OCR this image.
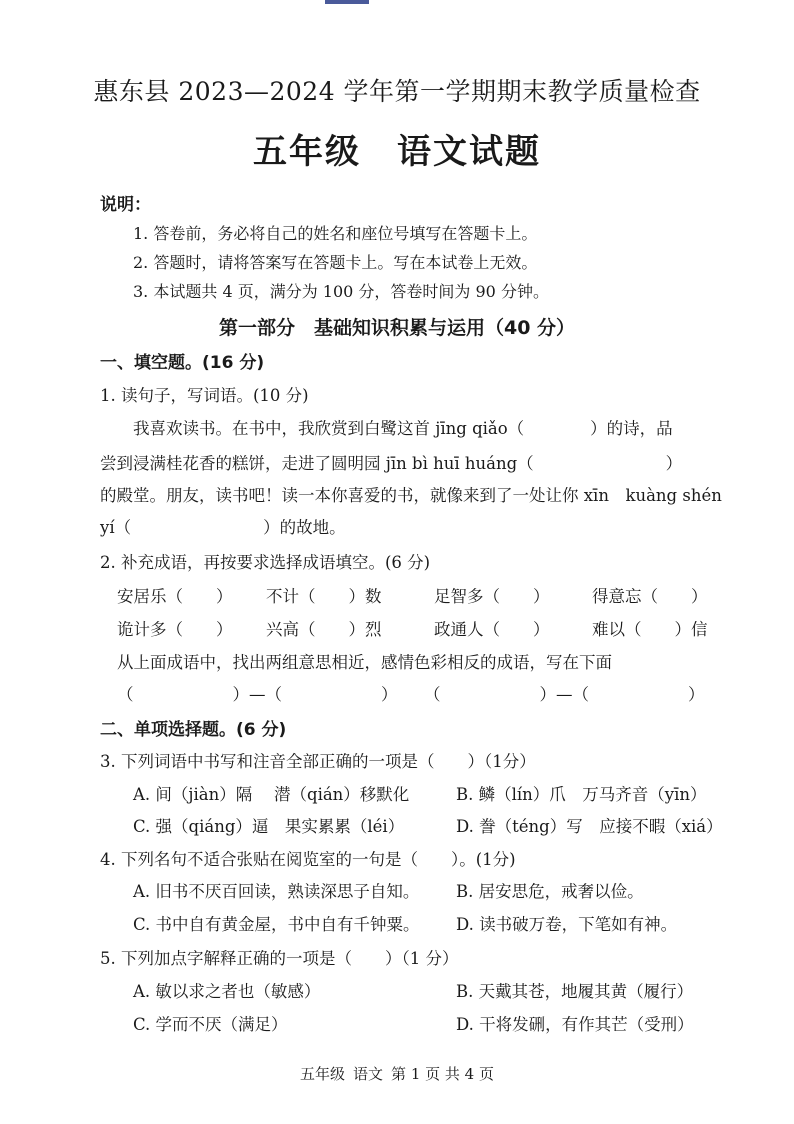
惠东县 2023—2024 学年第一学期期末教学质量检查
五年级 语文试题
说明：
1. 答卷前，务必将自己的姓名和座位号填写在答题卡上。
2. 答题时，请将答案写在答题卡上。写在本试卷上无效。
3. 本试题共 4 页，满分为 100 分，答卷时间为 90 分钟。
第一部分　基础知识积累与运用（40 分）
一、填空题。(16 分)
1. 读句子，写词语。(10 分)
我喜欢读书。在书中，我欣赏到白鹭这首 jīng qiǎo（　　　　）的诗，品
尝到浸满桂花香的糕饼，走进了圆明园 jīn bì huī huáng（　　　　　　　　）
的殿堂。朋友，读书吧！读一本你喜爱的书，就像来到了一处让你 xīn　kuàng shén
yí（　　　　　　　　）的故地。
2. 补充成语，再按要求选择成语填空。(6 分)
安居乐（　　） 不计（　　）数	足智多（　　）	得意忘（　　）
诡计多（　　） 兴高（　　）烈	政通人（　　）	难以（　　）信
从上面成语中，找出两组意思相近，感情色彩相反的成语，写在下面
（　　　　　　）—（　　　　　　） （　　　　　　）—（　　　　　　）
二、单项选择题。(6 分)
3. 下列词语中书写和注音全部正确的一项是（　　）（1分）
A. 间（jiàn）隔　 潜（qián）移默化	B. 鳞（lín）爪　万马齐音（yīn）
C. 强（qiáng）逼　果实累累（léi）	D. 誊（téng）写　应接不暇（xiá）
4. 下列名句不适合张贴在阅览室的一句是（　　）。(1分)
A. 旧书不厌百回读，熟读深思子自知。 B. 居安思危，戒奢以俭。
C. 书中自有黄金屋，书中自有千钟粟。 D. 读书破万卷，下笔如有神。
5. 下列加点字解释正确的一项是（　　）（1 分）
A. 敏以求之者也（敏感）	B. 天戴其苍，地履其黄（履行）
C. 学而不厌（满足）	D. 干将发硎，有作其芒（受刑）
五年级 语文 第 1 页 共 4 页
